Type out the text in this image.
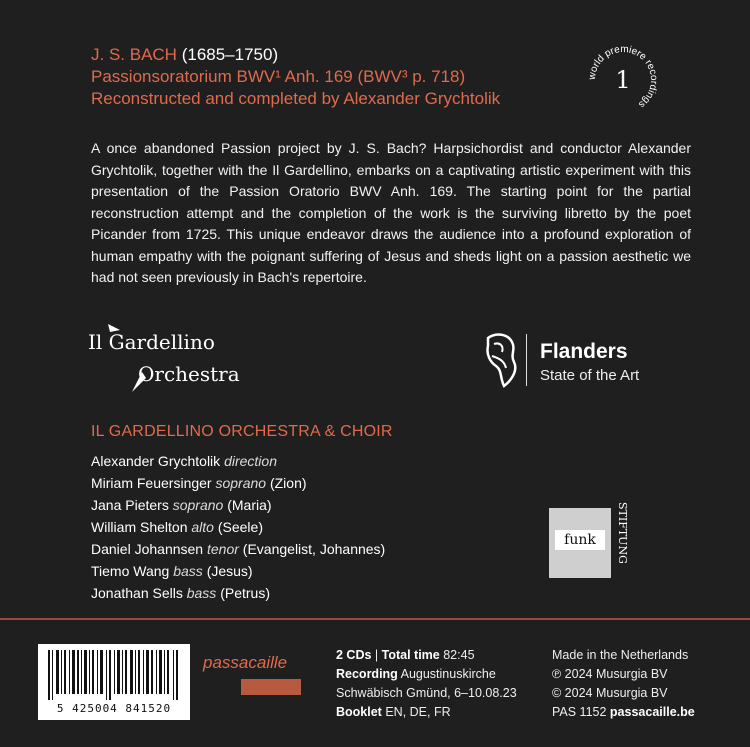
J. S. BACH (1685–1750)
Passionsoratorium BWV¹ Anh. 169 (BWV³ p. 718)
Reconstructed and completed by Alexander Grychtolik
world premiere recordings
1

A once abandoned Passion project by J. S. Bach? Harpsichordist and conductor Alexander Grychtolik, together with the Il Gardellino, embarks on a captivating artistic experiment with this presentation of the Passion Oratorio BWV Anh. 169. The starting point for the partial reconstruction attempt and the completion of the work is the surviving libretto by the poet Picander from 1725. This unique endeavor draws the audience into a profound exploration of human empathy with the poignant suffering of Jesus and sheds light on a passion aesthetic we had not seen previously in Bach's repertoire.

Il Gardellino
Orchestra
Flanders
State of the Art
IL GARDELLINO ORCHESTRA & CHOIR
Alexander Grychtolik direction
Miriam Feuersinger soprano (Zion)
Jana Pieters soprano (Maria)
William Shelton alto (Seele)
Daniel Johannsen tenor (Evangelist, Johannes)
Tiemo Wang bass (Jesus)
Jonathan Sells bass (Petrus)
funk	STIFTUNG
5 425004 841520
passacaille	2 CDs | Total time 82:45
Recording Augustinuskirche
Schwäbisch Gmünd, 6–10.08.23
Booklet EN, DE, FR
Made in the Netherlands
℗ 2024 Musurgia BV
© 2024 Musurgia BV
PAS 1152 passacaille.be
